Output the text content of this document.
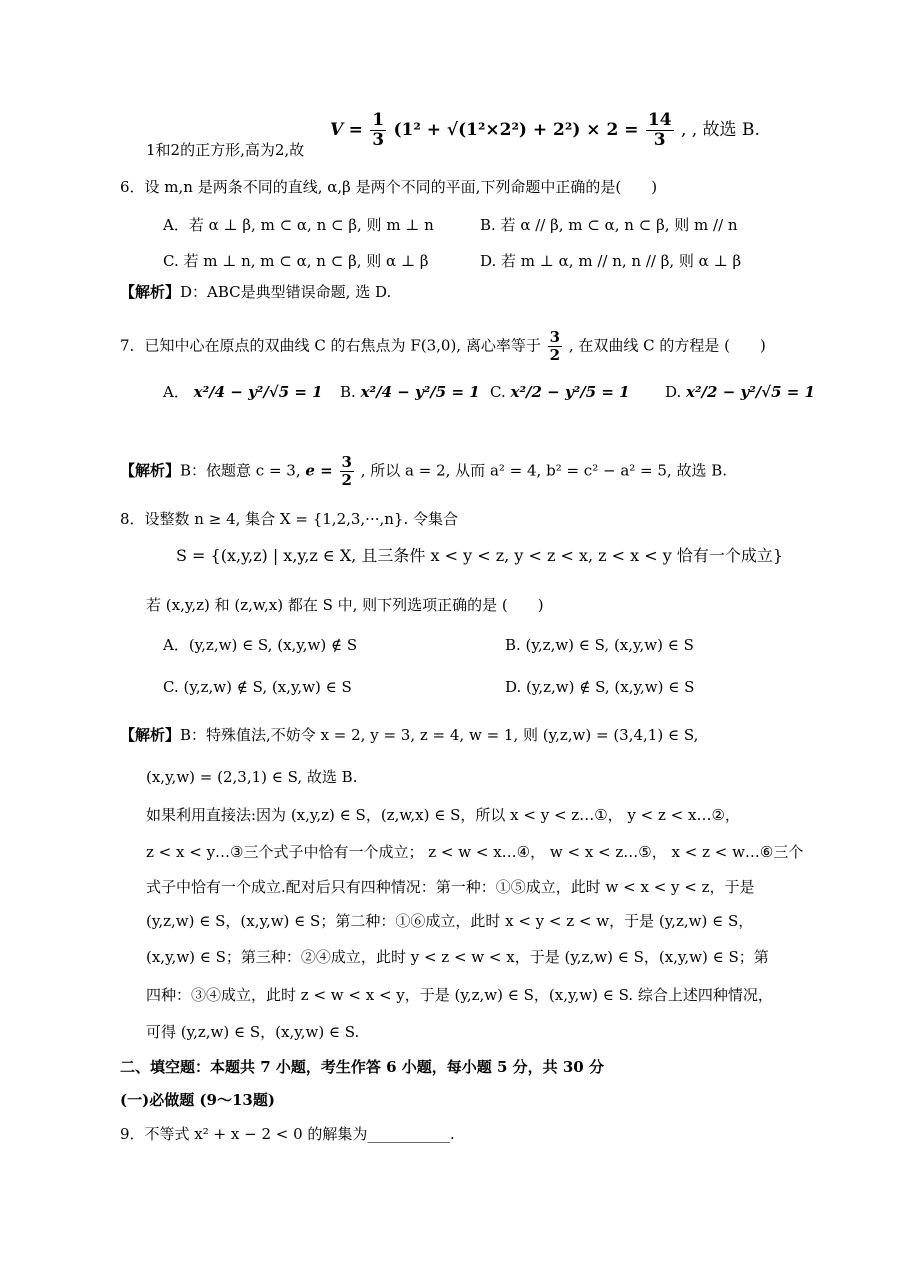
$V = \frac{1}{3} (1^2 + √(1^2\times 2^2) + 2^2) \times 2 = \frac{14}{3}$ , , 故选 B.
1和2的正方形,高为2,故
6．设 m,n 是两条不同的直线, α,β 是两个不同的平面,下列命题中正确的是(　　)
A．若 α ⊥ β, m ⊂ α, n ⊂ β, 则 m ⊥ n	B. 若 α // β, m ⊂ α, n ⊂ β, 则 m // n
C. 若 m ⊥ n, m ⊂ α, n ⊂ β, 则 α ⊥ β	D. 若 m ⊥ α, m // n, n // β, 则 α ⊥ β
【解析】D：ABC是典型错误命题, 选 D.
7．已知中心在原点的双曲线 C 的右焦点为 F(3,0), 离心率等于 $\frac{3}{2}$ , 在双曲线 C 的方程是 (　　)
A． x²/4 − y²/√5 = 1 B. x²/4 − y²/5 = 1 C. x²/2 − y²/5 = 1 D. x²/2 − y²/√5 = 1
【解析】B：依题意 c = 3, $e = \frac{3}{2}$ , 所以 a = 2, 从而 a² = 4, b² = c² − a² = 5, 故选 B.
8．设整数 n ≥ 4, 集合 X = {1,2,3,···,n}. 令集合
S = {(x,y,z) | x,y,z ∈ X, 且三条件 x < y < z, y < z < x, z < x < y 恰有一个成立}
若 (x,y,z) 和 (z,w,x) 都在 S 中, 则下列选项正确的是 (　　)
A．(y,z,w) ∈ S, (x,y,w) ∉ S	B. (y,z,w) ∈ S, (x,y,w) ∈ S
C. (y,z,w) ∉ S, (x,y,w) ∈ S	D. (y,z,w) ∉ S, (x,y,w) ∈ S
【解析】B：特殊值法,不妨令 x = 2, y = 3, z = 4, w = 1, 则 (y,z,w) = (3,4,1) ∈ S,
(x,y,w) = (2,3,1) ∈ S, 故选 B.
如果利用直接法:因为 (x,y,z) ∈ S，(z,w,x) ∈ S，所以 x < y < z…①， y < z < x…②，
z < x < y…③三个式子中恰有一个成立； z < w < x…④， w < x < z…⑤， x < z < w…⑥三个
式子中恰有一个成立.配对后只有四种情况：第一种：①⑤成立，此时 w < x < y < z，于是
(y,z,w) ∈ S，(x,y,w) ∈ S；第二种：①⑥成立，此时 x < y < z < w，于是 (y,z,w) ∈ S，
(x,y,w) ∈ S；第三种：②④成立，此时 y < z < w < x，于是 (y,z,w) ∈ S，(x,y,w) ∈ S；第
四种：③④成立，此时 z < w < x < y，于是 (y,z,w) ∈ S，(x,y,w) ∈ S. 综合上述四种情况，
可得 (y,z,w) ∈ S，(x,y,w) ∈ S.
二、填空题：本题共 7 小题，考生作答 6 小题，每小题 5 分，共 30 分
(一)必做题 (9～13题)
9．不等式 x² + x − 2 < 0 的解集为___________.
